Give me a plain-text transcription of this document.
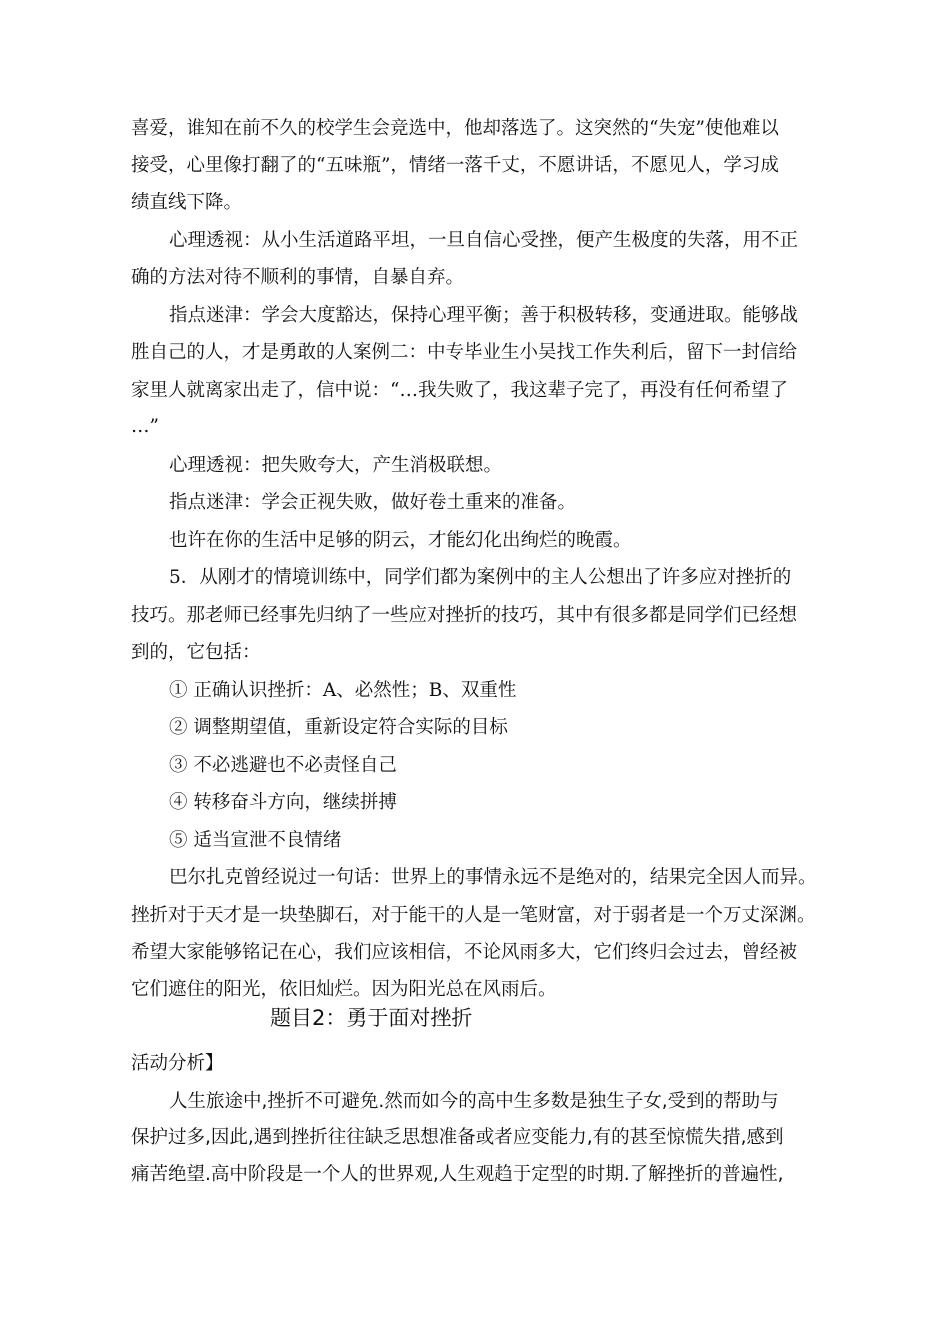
喜爱，谁知在前不久的校学生会竞选中，他却落选了。这突然的“失宠”使他难以
接受，心里像打翻了的“五味瓶”，情绪一落千丈，不愿讲话，不愿见人，学习成
绩直线下降。
心理透视：从小生活道路平坦，一旦自信心受挫，便产生极度的失落，用不正
确的方法对待不顺利的事情，自暴自弃。
指点迷津：学会大度豁达，保持心理平衡；善于积极转移，变通进取。能够战
胜自己的人，才是勇敢的人案例二：中专毕业生小吴找工作失利后，留下一封信给
家里人就离家出走了，信中说：“…我失败了，我这辈子完了，再没有任何希望了
…”
心理透视：把失败夸大，产生消极联想。
指点迷津：学会正视失败，做好卷土重来的准备。
也许在你的生活中足够的阴云，才能幻化出绚烂的晚霞。
5．从刚才的情境训练中，同学们都为案例中的主人公想出了许多应对挫折的
技巧。那老师已经事先归纳了一些应对挫折的技巧，其中有很多都是同学们已经想
到的，它包括：
① 正确认识挫折：A、必然性；B、双重性
② 调整期望值，重新设定符合实际的目标
③ 不必逃避也不必责怪自己
④ 转移奋斗方向，继续拼搏
⑤ 适当宣泄不良情绪
巴尔扎克曾经说过一句话：世界上的事情永远不是绝对的，结果完全因人而异。
挫折对于天才是一块垫脚石，对于能干的人是一笔财富，对于弱者是一个万丈深渊。
希望大家能够铭记在心，我们应该相信，不论风雨多大，它们终归会过去，曾经被
它们遮住的阳光，依旧灿烂。因为阳光总在风雨后。
题目2：勇于面对挫折
活动分析】
人生旅途中,挫折不可避免.然而如今的高中生多数是独生子女,受到的帮助与
保护过多,因此,遇到挫折往往缺乏思想准备或者应变能力,有的甚至惊慌失措,感到
痛苦绝望.高中阶段是一个人的世界观,人生观趋于定型的时期.了解挫折的普遍性,
